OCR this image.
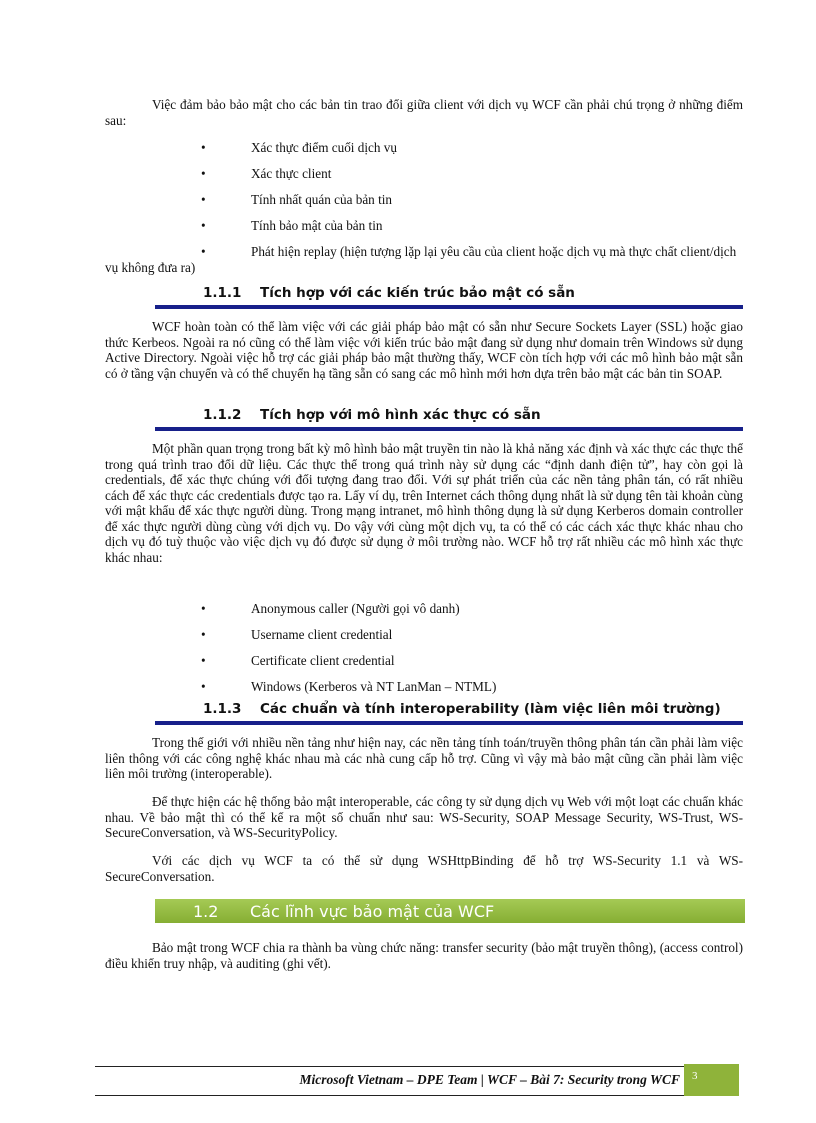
Việc đảm bảo bảo mật cho các bản tin trao đổi giữa client với dịch vụ WCF cần phải chú trọng ở những điểm sau:

•	Xác thực điểm cuối dịch vụ
•	Xác thực client
•	Tính nhất quán của bản tin
•	Tính bảo mật của bản tin
•	Phát hiện replay (hiện tượng lặp lại yêu cầu của client hoặc dịch vụ mà thực chất client/dịch vụ không đưa ra)
1.1.1 Tích hợp với các kiến trúc bảo mật có sẵn

WCF hoàn toàn có thể làm việc với các giải pháp bảo mật có sẵn như Secure Sockets Layer (SSL) hoặc giao thức Kerbeos. Ngoài ra nó cũng có thể làm việc với kiến trúc bảo mật đang sử dụng như domain trên Windows sử dụng Active Directory. Ngoài việc hỗ trợ các giải pháp bảo mật thường thấy, WCF còn tích hợp với các mô hình bảo mật sẵn có ở tầng vận chuyển và có thể chuyển hạ tầng sẵn có sang các mô hình mới hơn dựa trên bảo mật các bản tin SOAP.

1.1.2 Tích hợp với mô hình xác thực có sẵn

Một phần quan trọng trong bất kỳ mô hình bảo mật truyền tin nào là khả năng xác định và xác thực các thực thể trong quá trình trao đổi dữ liệu. Các thực thể trong quá trình này sử dụng các “định danh điện tử”, hay còn gọi là credentials, để xác thực chúng với đối tượng đang trao đổi. Với sự phát triển của các nền tảng phân tán, có rất nhiều cách để xác thực các credentials được tạo ra. Lấy ví dụ, trên Internet cách thông dụng nhất là sử dụng tên tài khoản cùng với mật khẩu để xác thực người dùng. Trong mạng intranet, mô hình thông dụng là sử dụng Kerberos domain controller để xác thực người dùng cùng với dịch vụ. Do vậy với cùng một dịch vụ, ta có thể có các cách xác thực khác nhau cho dịch vụ đó tuỳ thuộc vào việc dịch vụ đó được sử dụng ở môi trường nào. WCF hỗ trợ rất nhiều các mô hình xác thực khác nhau:

•	Anonymous caller (Người gọi vô danh)
•	Username client credential
•	Certificate client credential
•	Windows (Kerberos và NT LanMan – NTML)
1.1.3 Các chuẩn và tính interoperability (làm việc liên môi trường)

Trong thế giới với nhiều nền tảng như hiện nay, các nền tảng tính toán/truyền thông phân tán cần phải làm việc liên thông với các công nghệ khác nhau mà các nhà cung cấp hỗ trợ. Cũng vì vậy mà bảo mật cũng cần phải làm việc liên môi trường (interoperable).

Để thực hiện các hệ thống bảo mật interoperable, các công ty sử dụng dịch vụ Web với một loạt các chuẩn khác nhau. Về bảo mật thì có thể kể ra một số chuẩn như sau: WS-Security, SOAP Message Security, WS-Trust, WS-SecureConversation, và WS-SecurityPolicy.

Với các dịch vụ WCF ta có thể sử dụng WSHttpBinding để hỗ trợ WS-Security 1.1 và WS-SecureConversation.

1.2 Các lĩnh vực bảo mật của WCF

Bảo mật trong WCF chia ra thành ba vùng chức năng: transfer security (bảo mật truyền thông), (access control) điều khiển truy nhập, và auditing (ghi vết).

Microsoft Vietnam – DPE Team | WCF – Bài 7: Security trong WCF 3
